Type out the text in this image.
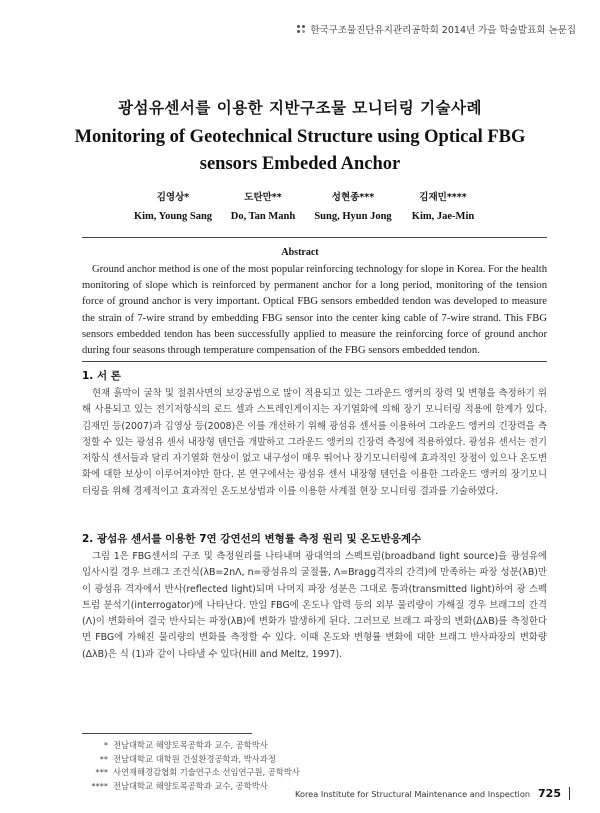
한국구조물진단유지관리공학회 2014년 가을 학술발표회 논문집
광섬유센서를 이용한 지반구조물 모니터링 기술사례
Monitoring of Geotechnical Structure using Optical FBG sensors Embeded Anchor
김영상*	도탄만**	성현종***	김재민****
Kim, Young Sang	Do, Tan Manh	Sung, Hyun Jong	Kim, Jae-Min
Abstract
Ground anchor method is one of the most popular reinforcing technology for slope in Korea. For the health monitoring of slope which is reinforced by permanent anchor for a long period, monitoring of the tension force of ground anchor is very important. Optical FBG sensors embedded tendon was developed to measure the strain of 7-wire strand by embedding FBG sensor into the center king cable of 7-wire strand. This FBG sensors embedded tendon has been successfully applied to measure the reinforcing force of ground anchor during four seasons through temperature compensation of the FBG sensors embedded tendon.
1. 서 론
현재 흙막이 굴착 및 절취사면의 보강공법으로 많이 적용되고 있는 그라운드 앵커의 장력 및 변형을 측정하기 위해 사용되고 있는 전기저항식의 로드 셀과 스트레인게이지는 자기열화에 의해 장기 모니터링 적용에 한계가 있다. 김재민 등(2007)과 김영상 등(2008)은 이를 개선하기 위해 광섬유 센서를 이용하여 그라운드 앵커의 긴장력을 측정할 수 있는 광섬유 센서 내장형 텐던을 개발하고 그라운드 앵커의 긴장력 측정에 적용하였다. 광섬유 센서는 전기저항식 센서들과 달리 자기열화 현상이 없고 내구성이 매우 뛰어나 장기모니터링에 효과적인 장점이 있으나 온도변화에 대한 보상이 이루어져야만 한다. 본 연구에서는 광섬유 센서 내장형 텐던을 이용한 그라운드 앵커의 장기모니터링을 위해 경제적이고 효과적인 온도보상법과 이를 이용한 사계절 현장 모니터링 결과를 기술하였다.
2. 광섬유 센서를 이용한 7연 강연선의 변형률 측정 원리 및 온도반응계수
그림 1은 FBG센서의 구조 및 측정원리를 나타내며 광대역의 스펙트럼(broadband light source)을 광섬유에 입사시킬 경우 브래그 조건식(λB=2nΛ, n=광섬유의 굴절률, Λ=Bragg격자의 간격)에 만족하는 파장 성분(λB)만이 광섬유 격자에서 반사(reflected light)되며 나머지 파장 성분은 그대로 통과(transmitted light)하여 광 스펙트럼 분석기(interrogator)에 나타난다. 만일 FBG에 온도나 압력 등의 외부 물리량이 가해질 경우 브래그의 간격(Λ)이 변화하여 결국 반사되는 파장(λB)에 변화가 발생하게 된다. 그러므로 브래그 파장의 변화(ΔλB)를 측정한다면 FBG에 가해진 물리량의 변화를 측정할 수 있다. 이때 온도와 변형률 변화에 대한 브래그 반사파장의 변화량(ΔλB)은 식 (1)과 같이 나타낼 수 있다(Hill and Meltz, 1997).
* 전남대학교 해양토목공학과 교수, 공학박사
** 전남대학교 대학원 건설환경공학과, 박사과정
*** 사연재해경감협회 기술연구소 선임연구원, 공학박사
**** 전남대학교 해양토목공학과 교수, 공학박사
Korea Institute for Structural Maintenance and Inspection 725
